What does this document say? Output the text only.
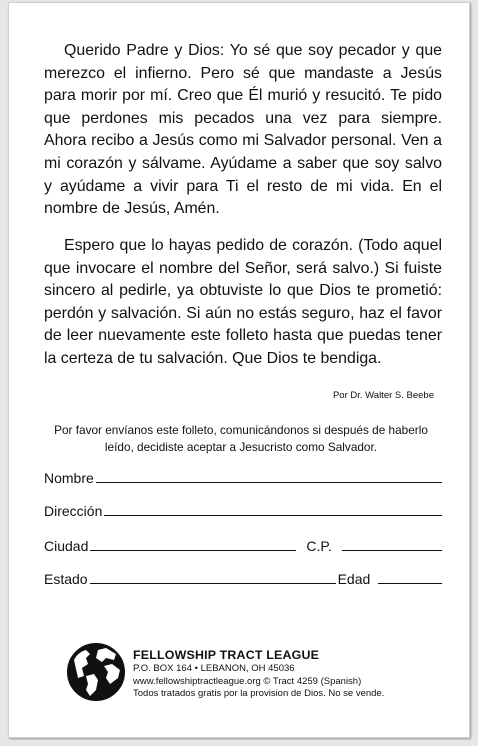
Querido Padre y Dios: Yo sé que soy pecador y que merezco el infierno. Pero sé que mandaste a Jesús para morir por mí. Creo que Él murió y resucitó. Te pido que perdones mis pecados una vez para siempre. Ahora recibo a Jesús como mi Salvador personal. Ven a mi corazón y sálvame. Ayúdame a saber que soy salvo y ayúdame a vivir para Ti el resto de mi vida. En el nombre de Jesús, Amén.

Espero que lo hayas pedido de corazón. (Todo aquel que invocare el nombre del Señor, será salvo.) Si fuiste sincero al pedirle, ya obtuviste lo que Dios te prometió: perdón y salvación. Si aún no estás seguro, haz el favor de leer nuevamente este folleto hasta que puedas tener la certeza de tu salvación. Que Dios te bendiga.

Por Dr. Walter S. Beebe

Por favor envíanos este folleto, comunicándonos si después de haberlo leído, decidiste aceptar a Jesucristo como Salvador.

Nombre
Dirección
Ciudad	C.P.
Estado	Edad
FELLOWSHIP TRACT LEAGUE
P.O. BOX 164 • LEBANON, OH 45036
www.fellowshiptractleague.org © Tract 4259 (Spanish)
Todos tratados gratis por la provision de Dios. No se vende.
